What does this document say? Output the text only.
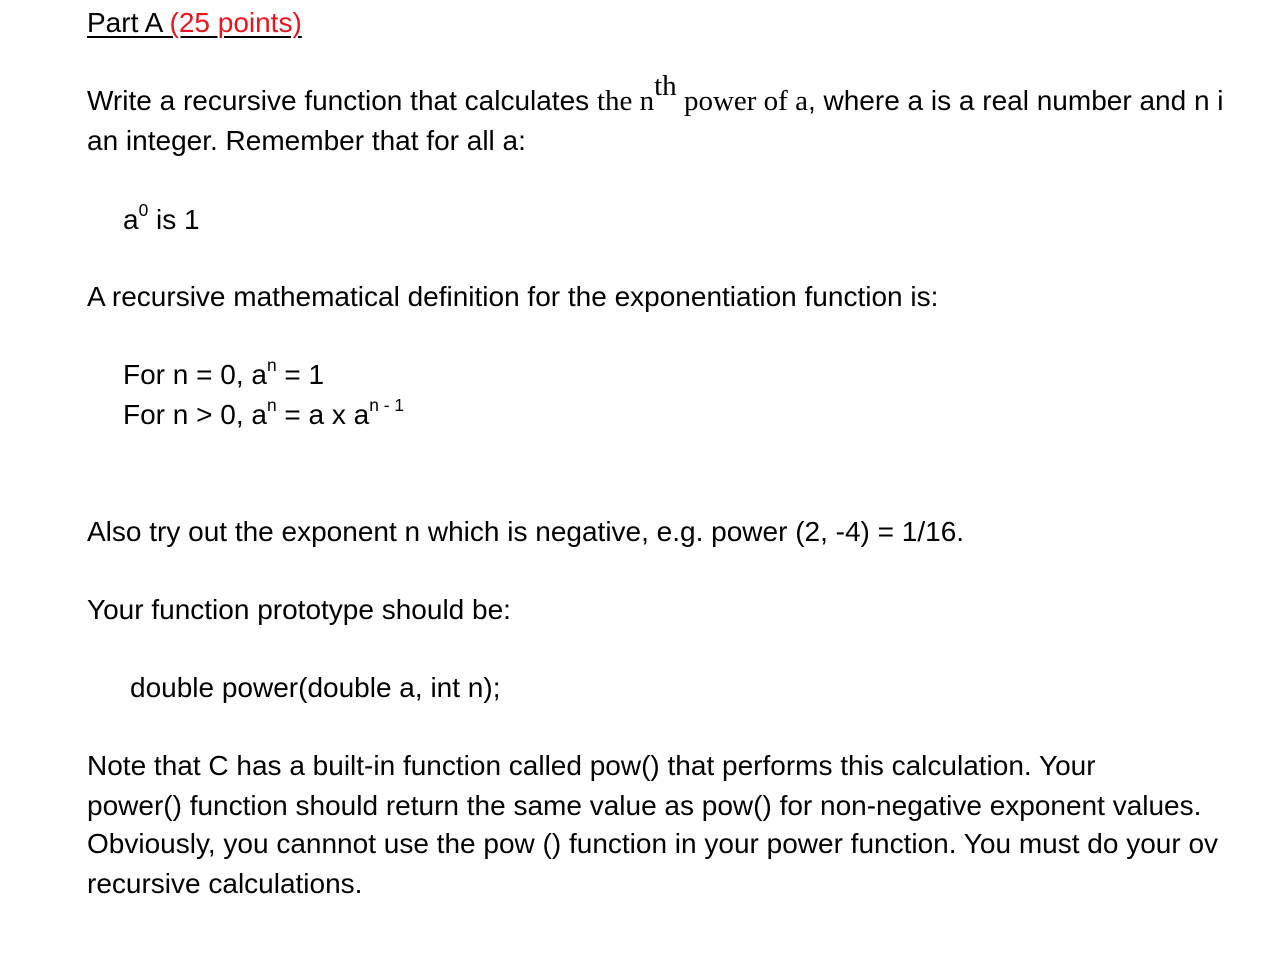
Part A (25 points)
Write a recursive function that calculates the $n^{th}$ power of a, where a is a real number and n i
an integer. Remember that for all a:
$a^0$ is 1
A recursive mathematical definition for the exponentiation function is:
For n = 0, $a^n = 1$
For n > 0, $a^n = a$ x $a^{n - 1}$
Also try out the exponent n which is negative, e.g. power (2, -4) = 1/16.
Your function prototype should be:
double power(double a, int n);
Note that C has a built-in function called pow() that performs this calculation. Your
power() function should return the same value as pow() for non-negative exponent values.
Obviously, you cannnot use the pow () function in your power function. You must do your ov
recursive calculations.
